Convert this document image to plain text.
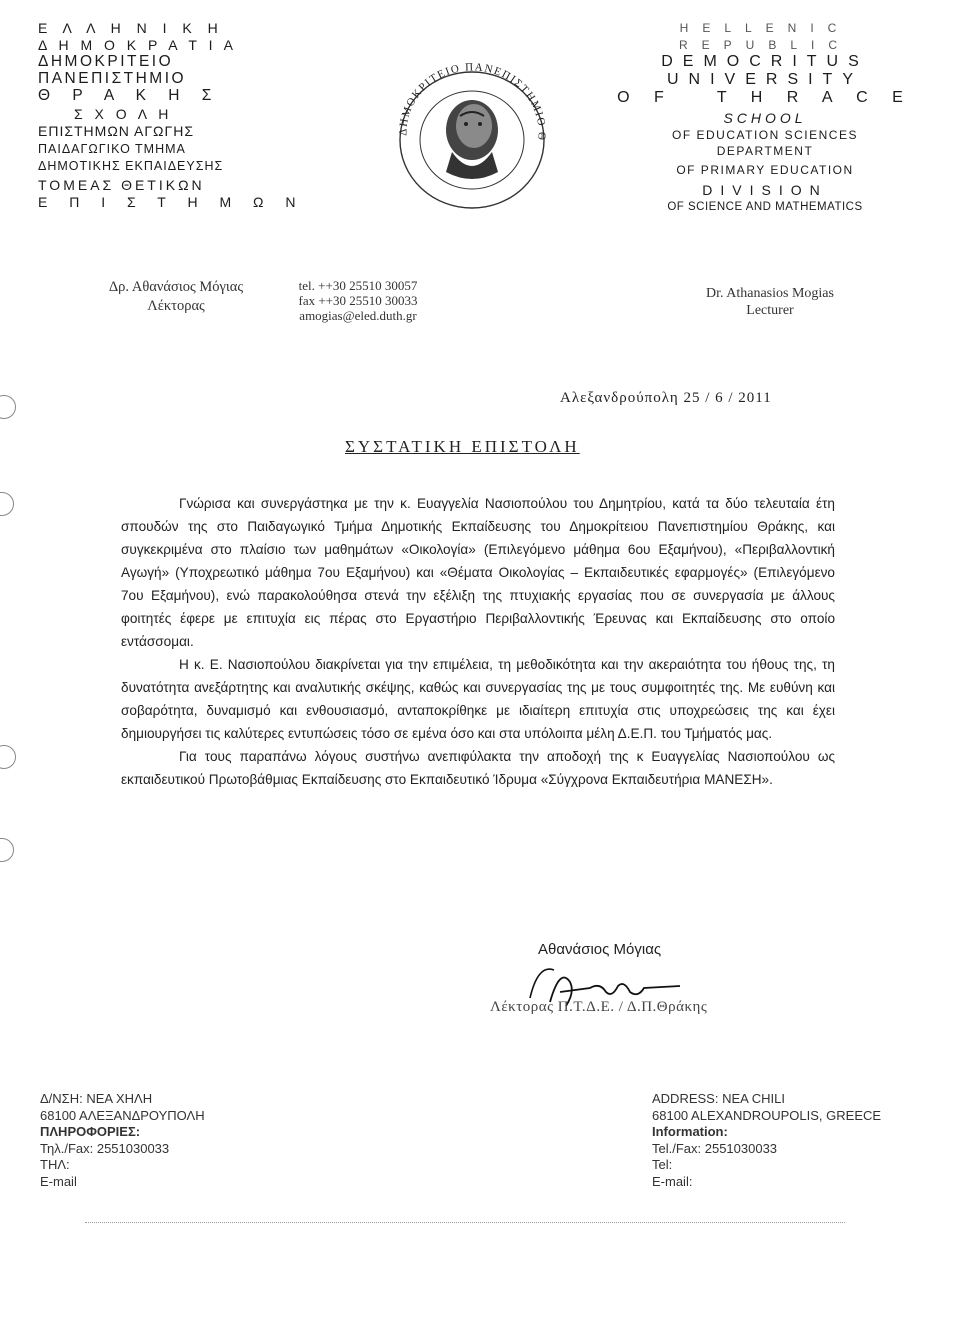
Ε Λ Λ Η Ν Ι Κ Η
Δ Η Μ Ο Κ Ρ Α Τ Ι Α
ΔΗΜΟΚΡΙΤΕΙΟ
ΠΑΝΕΠΙΣΤΗΜΙΟ
Θ Ρ Α Κ Η Σ
Σ Χ Ο Λ Η
ΕΠΙΣΤΗΜΩΝ ΑΓΩΓΗΣ
ΠΑΙΔΑΓΩΓΙΚΟ ΤΜΗΜΑ
ΔΗΜΟΤΙΚΗΣ ΕΚΠΑΙΔΕΥΣΗΣ
ΤΟΜΕΑΣ ΘΕΤΙΚΩΝ
Ε Π Ι Σ Τ Η Μ Ω Ν
ΔΗΜΟΚΡΙΤΕΙΟ ΠΑΝΕΠΙΣΤΗΜΙΟ Θ
HELLENIC
REPUBLIC
DEMOCRITUS
UNIVERSITY
O F   T H R A C E
SCHOOL
OF EDUCATION SCIENCES
DEPARTMENT
OF PRIMARY EDUCATION
DIVISION
OF SCIENCE AND MATHEMATICS
Δρ. Αθανάσιος Μόγιας
Λέκτορας
tel. ++30 25510 30057
fax ++30 25510 30033
amogias@eled.duth.gr
Dr. Athanasios Mogias
Lecturer
Αλεξανδρούπολη 25 / 6 / 2011
ΣΥΣΤΑΤΙΚΗ ΕΠΙΣΤΟΛΗ

Γνώρισα και συνεργάστηκα με την κ. Ευαγγελία Νασιοπούλου του Δημητρίου, κατά τα δύο τελευταία έτη σπουδών της στο Παιδαγωγικό Τμήμα Δημοτικής Εκπαίδευσης του Δημοκρίτειου Πανεπιστημίου Θράκης, και συγκεκριμένα στο πλαίσιο των μαθημάτων «Οικολογία» (Επιλεγόμενο μάθημα 6ου Εξαμήνου), «Περιβαλλοντική Αγωγή» (Υποχρεωτικό μάθημα 7ου Εξαμήνου) και «Θέματα Οικολογίας – Εκπαιδευτικές εφαρμογές» (Επιλεγόμενο 7ου Εξαμήνου), ενώ παρακολούθησα στενά την εξέλιξη της πτυχιακής εργασίας που σε συνεργασία με άλλους φοιτητές έφερε με επιτυχία εις πέρας στο Εργαστήριο Περιβαλλοντικής Έρευνας και Εκπαίδευσης στο οποίο εντάσσομαι.

Η κ. Ε. Νασιοπούλου διακρίνεται για την επιμέλεια, τη μεθοδικότητα και την ακεραιότητα του ήθους της, τη δυνατότητα ανεξάρτητης και αναλυτικής σκέψης, καθώς και συνεργασίας της με τους συμφοιτητές της. Με ευθύνη και σοβαρότητα, δυναμισμό και ενθουσιασμό, ανταποκρίθηκε με ιδιαίτερη επιτυχία στις υποχρεώσεις της και έχει δημιουργήσει τις καλύτερες εντυπώσεις τόσο σε εμένα όσο και στα υπόλοιπα μέλη Δ.Ε.Π. του Τμήματός μας.

Για τους παραπάνω λόγους συστήνω ανεπιφύλακτα την αποδοχή της κ Ευαγγελίας Νασιοπούλου ως εκπαιδευτικού Πρωτοβάθμιας Εκπαίδευσης στο Εκπαιδευτικό Ίδρυμα «Σύγχρονα Εκπαιδευτήρια ΜΑΝΕΣΗ».

Αθανάσιος Μόγιας
Λέκτορας Π.Τ.Δ.Ε. / Δ.Π.Θράκης
Δ/ΝΣΗ: ΝΕΑ ΧΗΛΗ
68100 ΑΛΕΞΑΝΔΡΟΥΠΟΛΗ
ΠΛΗΡΟΦΟΡΙΕΣ:
Τηλ./Fax: 2551030033
ΤΗΛ:
E-mail
ADDRESS: NEA CHILI
68100 ALEXANDROUPOLIS, GREECE
Information:
Tel./Fax: 2551030033
Tel:
E-mail:
